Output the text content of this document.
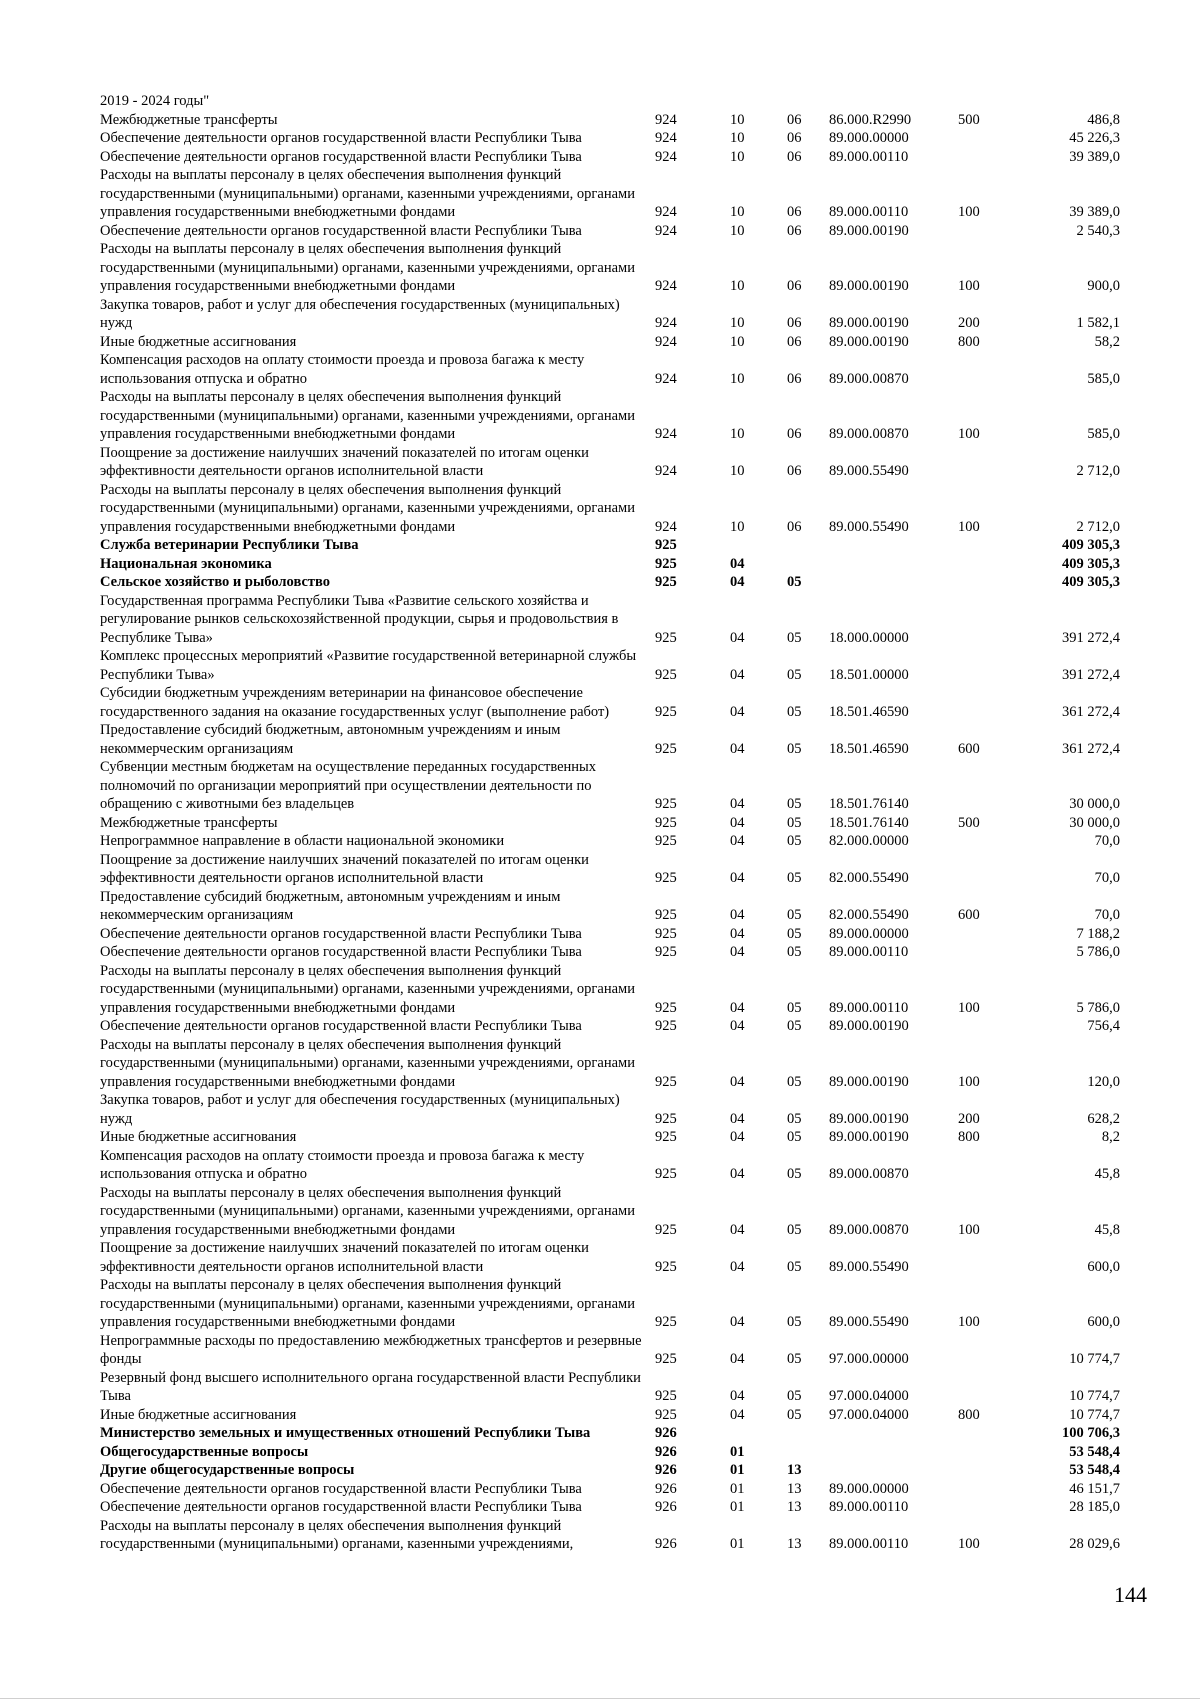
2019 - 2024 годы"
Межбюджетные трансферты	924	10	06	86.000.R2990	500	486,8
Обеспечение деятельности органов государственной власти Республики Тыва	924	10	06	89.000.00000		45 226,3
Обеспечение деятельности органов государственной власти Республики Тыва	924	10	06	89.000.00110		39 389,0
Расходы на выплаты персоналу в целях обеспечения выполнения функций государственными (муниципальными) органами, казенными учреждениями, органами управления государственными внебюджетными фондами	924	10	06	89.000.00110	100	39 389,0
Обеспечение деятельности органов государственной власти Республики Тыва	924	10	06	89.000.00190		2 540,3
Расходы на выплаты персоналу в целях обеспечения выполнения функций государственными (муниципальными) органами, казенными учреждениями, органами управления государственными внебюджетными фондами	924	10	06	89.000.00190	100	900,0
Закупка товаров, работ и услуг для обеспечения государственных (муниципальных) нужд	924	10	06	89.000.00190	200	1 582,1
Иные бюджетные ассигнования	924	10	06	89.000.00190	800	58,2
Компенсация расходов на оплату стоимости проезда и провоза багажа к месту использования отпуска и обратно	924	10	06	89.000.00870		585,0
Расходы на выплаты персоналу в целях обеспечения выполнения функций государственными (муниципальными) органами, казенными учреждениями, органами управления государственными внебюджетными фондами	924	10	06	89.000.00870	100	585,0
Поощрение за достижение наилучших значений показателей по итогам оценки эффективности деятельности органов исполнительной власти	924	10	06	89.000.55490		2 712,0
Расходы на выплаты персоналу в целях обеспечения выполнения функций государственными (муниципальными) органами, казенными учреждениями, органами управления государственными внебюджетными фондами	924	10	06	89.000.55490	100	2 712,0
Служба ветеринарии Республики Тыва	925					409 305,3
Национальная экономика	925	04				409 305,3
Сельское хозяйство и рыболовство	925	04	05			409 305,3
Государственная программа Республики Тыва «Развитие сельского хозяйства и регулирование рынков сельскохозяйственной продукции, сырья и продовольствия в Республике Тыва»	925	04	05	18.000.00000		391 272,4
Комплекс процессных мероприятий «Развитие государственной ветеринарной службы Республики Тыва»	925	04	05	18.501.00000		391 272,4
Субсидии бюджетным учреждениям ветеринарии на финансовое обеспечение государственного задания на оказание государственных услуг (выполнение работ)	925	04	05	18.501.46590		361 272,4
Предоставление субсидий бюджетным, автономным учреждениям и иным некоммерческим организациям	925	04	05	18.501.46590	600	361 272,4
Субвенции местным бюджетам на осуществление переданных государственных полномочий по организации мероприятий при осуществлении деятельности по обращению с животными без владельцев	925	04	05	18.501.76140		30 000,0
Межбюджетные трансферты	925	04	05	18.501.76140	500	30 000,0
Непрограммное направление в области национальной экономики	925	04	05	82.000.00000		70,0
Поощрение за достижение наилучших значений показателей по итогам оценки эффективности деятельности органов исполнительной власти	925	04	05	82.000.55490		70,0
Предоставление субсидий бюджетным, автономным учреждениям и иным некоммерческим организациям	925	04	05	82.000.55490	600	70,0
Обеспечение деятельности органов государственной власти Республики Тыва	925	04	05	89.000.00000		7 188,2
Обеспечение деятельности органов государственной власти Республики Тыва	925	04	05	89.000.00110		5 786,0
Расходы на выплаты персоналу в целях обеспечения выполнения функций государственными (муниципальными) органами, казенными учреждениями, органами управления государственными внебюджетными фондами	925	04	05	89.000.00110	100	5 786,0
Обеспечение деятельности органов государственной власти Республики Тыва	925	04	05	89.000.00190		756,4
Расходы на выплаты персоналу в целях обеспечения выполнения функций государственными (муниципальными) органами, казенными учреждениями, органами управления государственными внебюджетными фондами	925	04	05	89.000.00190	100	120,0
Закупка товаров, работ и услуг для обеспечения государственных (муниципальных) нужд	925	04	05	89.000.00190	200	628,2
Иные бюджетные ассигнования	925	04	05	89.000.00190	800	8,2
Компенсация расходов на оплату стоимости проезда и провоза багажа к месту использования отпуска и обратно	925	04	05	89.000.00870		45,8
Расходы на выплаты персоналу в целях обеспечения выполнения функций государственными (муниципальными) органами, казенными учреждениями, органами управления государственными внебюджетными фондами	925	04	05	89.000.00870	100	45,8
Поощрение за достижение наилучших значений показателей по итогам оценки эффективности деятельности органов исполнительной власти	925	04	05	89.000.55490		600,0
Расходы на выплаты персоналу в целях обеспечения выполнения функций государственными (муниципальными) органами, казенными учреждениями, органами управления государственными внебюджетными фондами	925	04	05	89.000.55490	100	600,0
Непрограммные расходы по предоставлению межбюджетных трансфертов и резервные фонды	925	04	05	97.000.00000		10 774,7
Резервный фонд высшего исполнительного органа государственной власти Республики Тыва	925	04	05	97.000.04000		10 774,7
Иные бюджетные ассигнования	925	04	05	97.000.04000	800	10 774,7
Министерство земельных и имущественных отношений Республики Тыва	926					100 706,3
Общегосударственные вопросы	926	01				53 548,4
Другие общегосударственные вопросы	926	01	13			53 548,4
Обеспечение деятельности органов государственной власти Республики Тыва	926	01	13	89.000.00000		46 151,7
Обеспечение деятельности органов государственной власти Республики Тыва	926	01	13	89.000.00110		28 185,0
Расходы на выплаты персоналу в целях обеспечения выполнения функций государственными (муниципальными) органами, казенными учреждениями,	926	01	13	89.000.00110	100	28 029,6
144
